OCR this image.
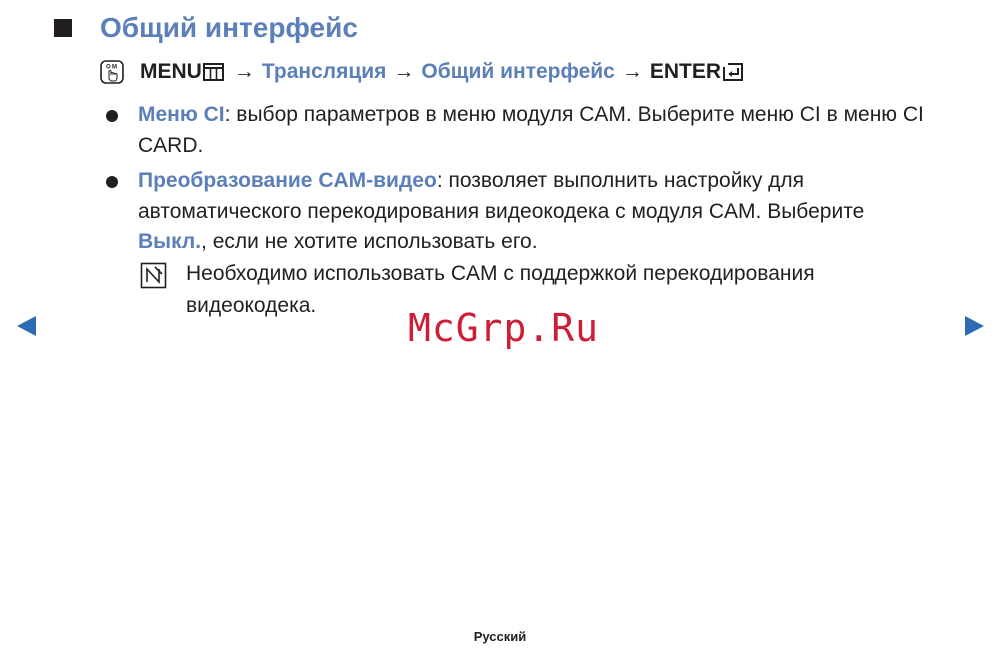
Общий интерфейс
O M MENU → Трансляция → Общий интерфейс → ENTER
Меню CI: выбор параметров в меню модуля CAM. Выберите меню CI в меню CI CARD.
Преобразование CAM-видео: позволяет выполнить настройку для автоматического перекодирования видеокодека с модуля CAM. Выберите Выкл., если не хотите использовать его.
Необходимо использовать CAM с поддержкой перекодирования видеокодека.
McGrp.Ru
Русский
